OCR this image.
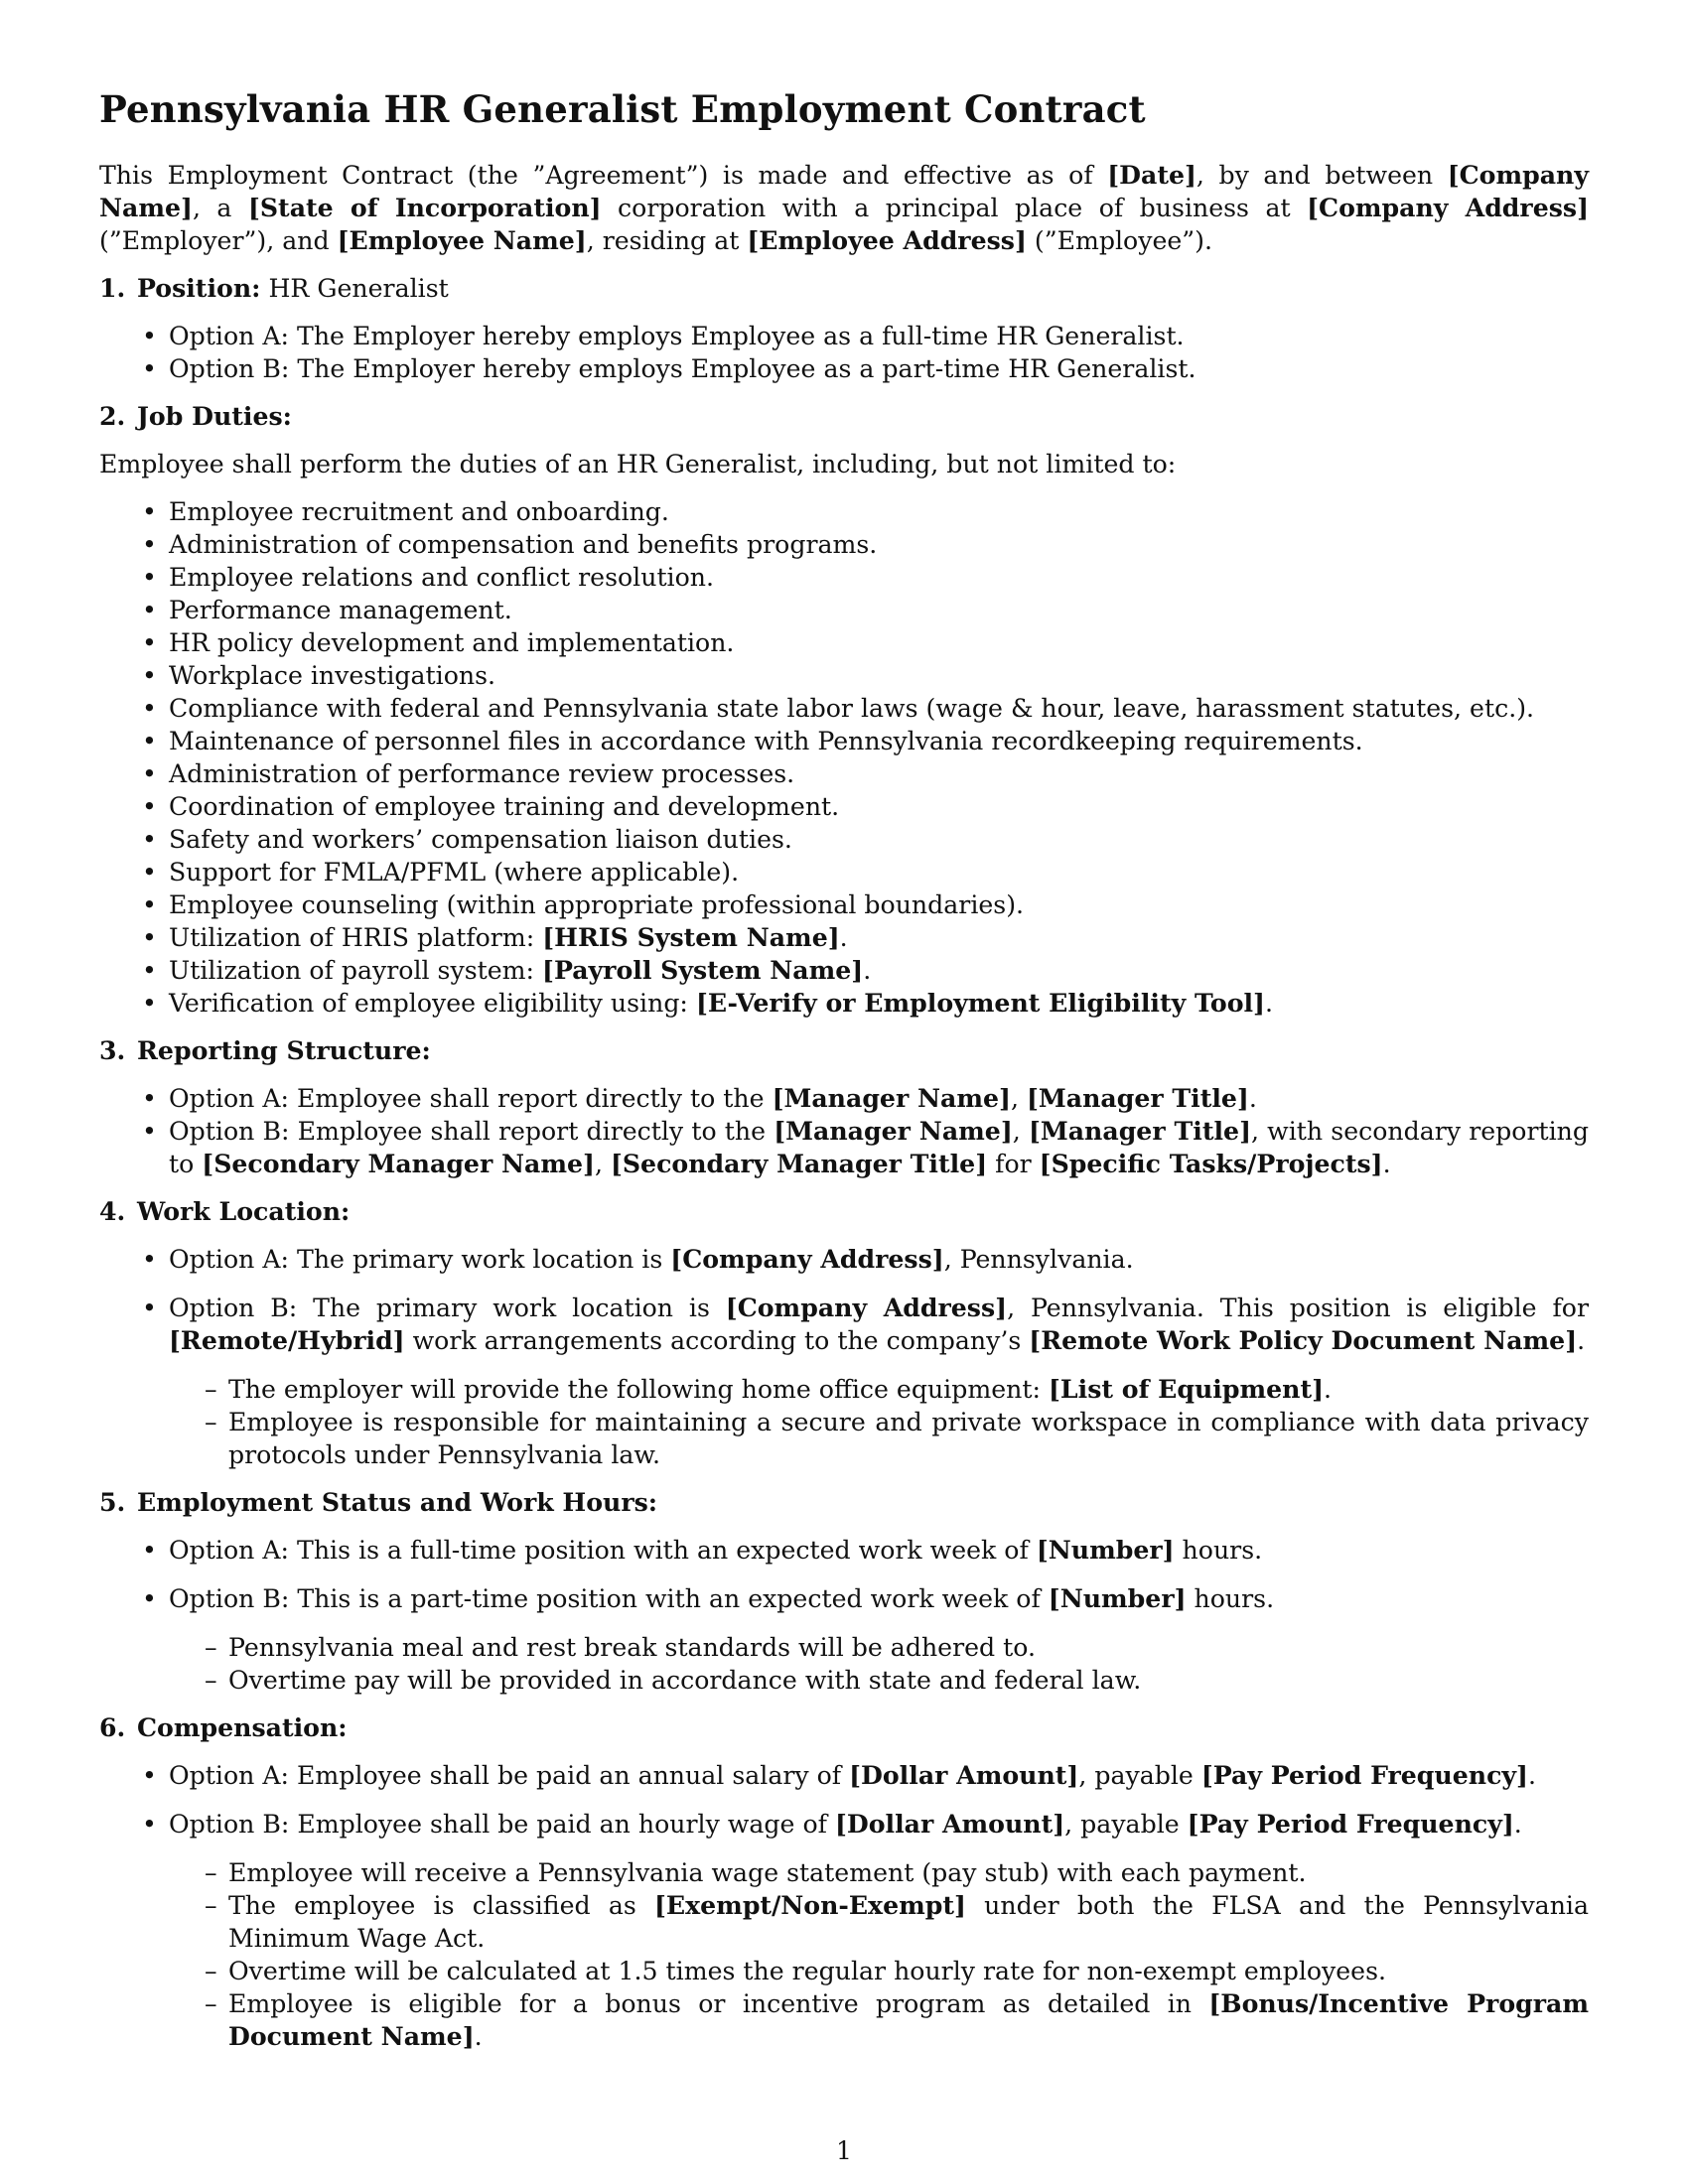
Pennsylvania HR Generalist Employment Contract

This Employment Contract (the ”Agreement”) is made and effective as of [Date], by and between [Company Name], a [State of Incorporation] corporation with a principal place of business at [Company Address] (”Employer”), and [Employee Name], residing at [Employee Address] (”Employee”).

1. Position: HR Generalist
• Option A: The Employer hereby employs Employee as a full-time HR Generalist.
• Option B: The Employer hereby employs Employee as a part-time HR Generalist.
2. Job Duties:

Employee shall perform the duties of an HR Generalist, including, but not limited to:

• Employee recruitment and onboarding.
• Administration of compensation and benefits programs.
• Employee relations and conflict resolution.
• Performance management.
• HR policy development and implementation.
• Workplace investigations.
• Compliance with federal and Pennsylvania state labor laws (wage & hour, leave, harassment statutes, etc.).
• Maintenance of personnel files in accordance with Pennsylvania recordkeeping requirements.
• Administration of performance review processes.
• Coordination of employee training and development.
• Safety and workers’ compensation liaison duties.
• Support for FMLA/PFML (where applicable).
• Employee counseling (within appropriate professional boundaries).
• Utilization of HRIS platform: [HRIS System Name].
• Utilization of payroll system: [Payroll System Name].
• Verification of employee eligibility using: [E-Verify or Employment Eligibility Tool].
3. Reporting Structure:
• Option A: Employee shall report directly to the [Manager Name], [Manager Title].
• Option B: Employee shall report directly to the [Manager Name], [Manager Title], with secondary reporting to [Secondary Manager Name], [Secondary Manager Title] for [Specific Tasks/Projects].
4. Work Location:
• Option A: The primary work location is [Company Address], Pennsylvania.
• Option B: The primary work location is [Company Address], Pennsylvania. This position is eligible for [Remote/Hybrid] work arrangements according to the company’s [Remote Work Policy Document Name].
– The employer will provide the following home office equipment: [List of Equipment].
– Employee is responsible for maintaining a secure and private workspace in compliance with data privacy protocols under Pennsylvania law.
5. Employment Status and Work Hours:
• Option A: This is a full-time position with an expected work week of [Number] hours.
• Option B: This is a part-time position with an expected work week of [Number] hours.
– Pennsylvania meal and rest break standards will be adhered to.
– Overtime pay will be provided in accordance with state and federal law.
6. Compensation:
• Option A: Employee shall be paid an annual salary of [Dollar Amount], payable [Pay Period Frequency].
• Option B: Employee shall be paid an hourly wage of [Dollar Amount], payable [Pay Period Frequency].
– Employee will receive a Pennsylvania wage statement (pay stub) with each payment.
– The employee is classified as [Exempt/Non-Exempt] under both the FLSA and the Pennsylvania Minimum Wage Act.
– Overtime will be calculated at 1.5 times the regular hourly rate for non-exempt employees.
– Employee is eligible for a bonus or incentive program as detailed in [Bonus/Incentive Program Document Name].
1
